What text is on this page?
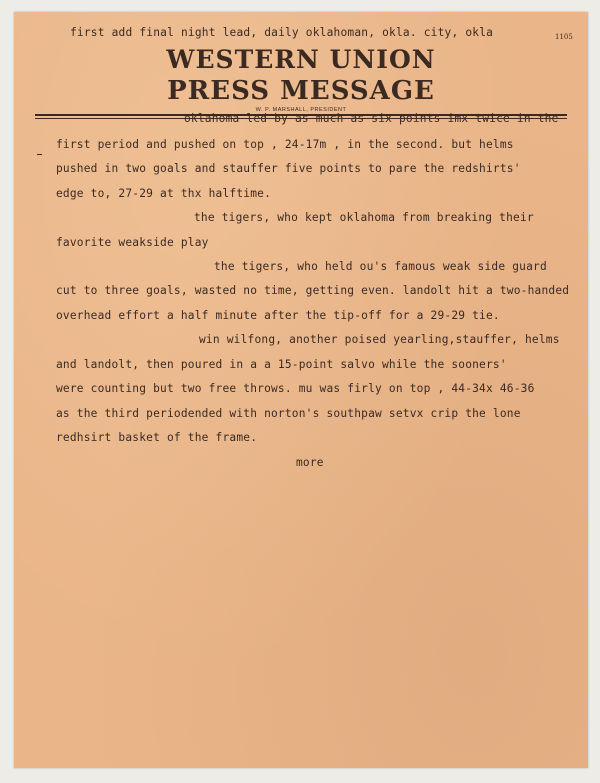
first add final night lead, daily oklahoman, okla. city, okla	1105
WESTERN UNION
PRESS MESSAGE
W. P. MARSHALL, PRESIDENT
oklahoma led by as much as six points imx twice in the
first period and pushed on top , 24-17m , in the second. but helms
pushed in two goals and stauffer five points to pare the redshirts'
edge to, 27-29 at thx halftime.
the tigers, who kept oklahoma from breaking their
favorite weakside play
the tigers, who held ou's famous weak side guard
cut to three goals, wasted no time, getting even. landolt hit a two-handed
overhead effort a half minute after the tip-off for a 29-29 tie.
win wilfong, another poised yearling,stauffer, helms
and landolt, then poured in a a 15-point salvo while the sooners'
were counting but two free throws. mu was firly on top , 44-34x 46-36
as the third periodended with norton's southpaw setvx crip the lone
redhsirt basket of the frame.
more
